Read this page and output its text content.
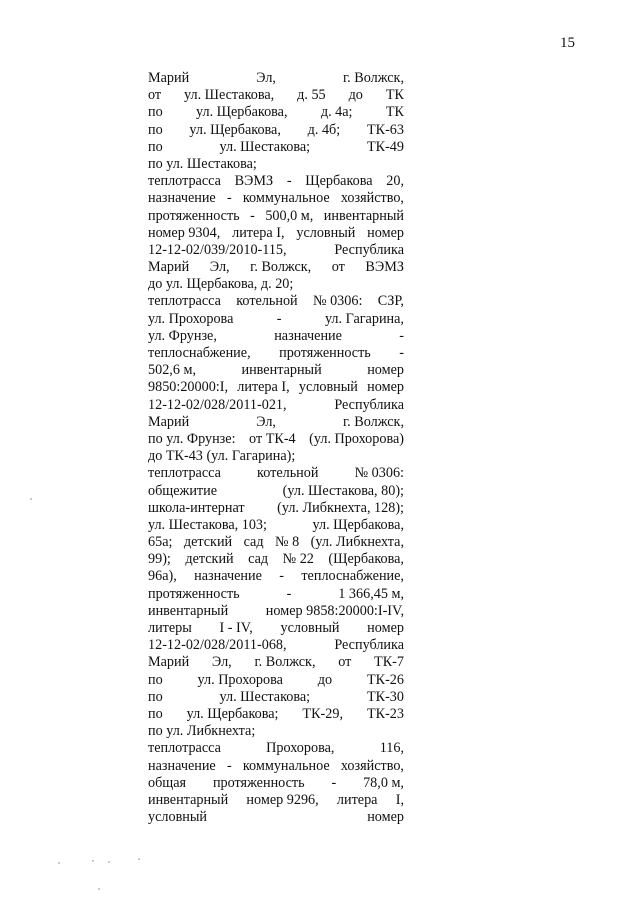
15
Марий	Эл,	г. Волжск,
от ул. Шестакова, д. 55 до ТК
по ул. Щербакова, д. 4а; ТК
по ул. Щербакова, д. 4б; ТК-63
по	ул. Шестакова;	ТК-49
по ул. Шестакова;
теплотрасса ВЭМЗ - Щербакова 20,
назначение - коммунальное хозяйство,
протяженность - 500,0 м, инвентарный
номер 9304, литера I, условный номер
12-12-02/039/2010-115,	Республика
Марий Эл, г. Волжск, от ВЭМЗ
до ул. Щербакова, д. 20;
теплотрасса котельной № 0306: СЗР,
ул. Прохорова	-	ул. Гагарина,
ул. Фрунзе,	назначение	-
теплоснабжение, протяженность -
502,6 м,	инвентарный	номер
9850:20000:I, литера I, условный номер
12-12-02/028/2011-021,	Республика
Марий	Эл,	г. Волжск,
по ул. Фрунзе: от ТК-4 (ул. Прохорова)
до ТК-43 (ул. Гагарина);
теплотрасса	котельной	№ 0306:
общежитие	(ул. Шестакова, 80);
школа-интернат (ул. Либкнехта, 128);
ул. Шестакова, 103;	ул. Щербакова,
65а; детский сад № 8 (ул. Либкнехта,
99); детский сад № 22 (Щербакова,
96а), назначение - теплоснабжение,
протяженность	-	1 366,45 м,
инвентарный	номер 9858:20000:I-IV,
литеры I - IV, условный номер
12-12-02/028/2011-068,	Республика
Марий Эл, г. Волжск, от ТК-7
по ул. Прохорова до ТК-26
по	ул. Шестакова;	ТК-30
по ул. Щербакова; ТК-29, ТК-23
по ул. Либкнехта;
теплотрасса	Прохорова,	116,
назначение - коммунальное хозяйство,
общая протяженность - 78,0 м,
инвентарный номер 9296, литера I,
условный	номер
